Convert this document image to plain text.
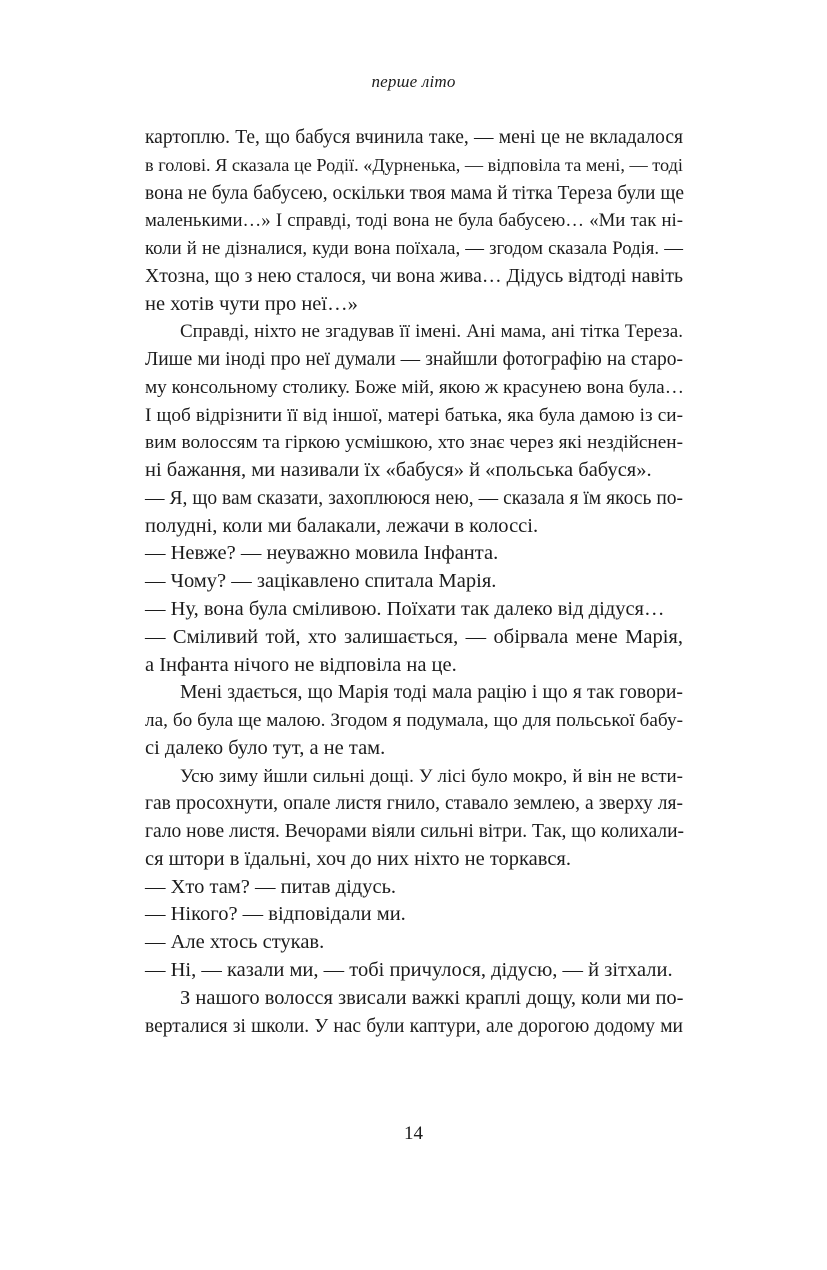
перше літо
картоплю. Те, що бабуся вчинила таке, — мені це не вкладалося
в голові. Я сказала це Родії. «Дурненька, — відповіла та мені, — тоді
вона не була бабусею, оскільки твоя мама й тітка Тереза були ще
маленькими…» І справді, тоді вона не була бабусею… «Ми так ні-
коли й не дізналися, куди вона поїхала, — згодом сказала Родія. —
Хтозна, що з нею сталося, чи вона жива… Дідусь відтоді навіть
не хотів чути про неї…»
Справді, ніхто не згадував її імені. Ані мама, ані тітка Тереза.
Лише ми іноді про неї думали — знайшли фотографію на старо-
му консольному столику. Боже мій, якою ж красунею вона була…
І щоб відрізнити її від іншої, матері батька, яка була дамою із си-
вим волоссям та гіркою усмішкою, хто знає через які нездійснен-
ні бажання, ми називали їх «бабуся» й «польська бабуся».
— Я, що вам сказати, захоплююся нею, — сказала я їм якось по-
полудні, коли ми балакали, лежачи в колоссі.
— Невже? — неуважно мовила Інфанта.
— Чому? — зацікавлено спитала Марія.
— Ну, вона була сміливою. Поїхати так далеко від дідуся…
— Сміливий той, хто залишається, — обірвала мене Марія,
а Інфанта нічого не відповіла на це.
Мені здається, що Марія тоді мала рацію і що я так говори-
ла, бо була ще малою. Згодом я подумала, що для польської бабу-
сі далеко було тут, а не там.
Усю зиму йшли сильні дощі. У лісі було мокро, й він не всти-
гав просохнути, опале листя гнило, ставало землею, а зверху ля-
гало нове листя. Вечорами віяли сильні вітри. Так, що колихали-
ся штори в їдальні, хоч до них ніхто не торкався.
— Хто там? — питав дідусь.
— Нікого? — відповідали ми.
— Але хтось стукав.
— Ні, — казали ми, — тобі причулося, дідусю, — й зітхали.
З нашого волосся звисали важкі краплі дощу, коли ми по-
верталися зі школи. У нас були каптури, але дорогою додому ми
14
